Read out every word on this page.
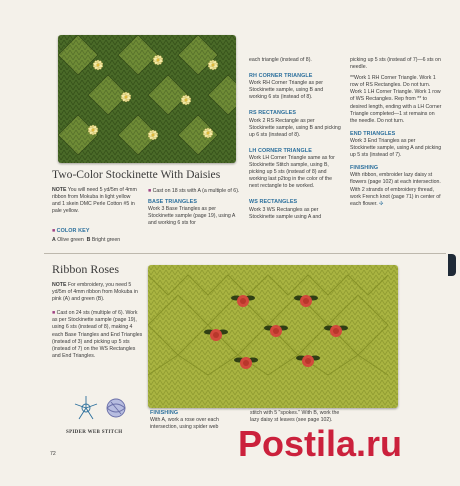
Two-Color Stockinette With Daisies

NOTE You will need 5 yd/5m of 4mm ribbon from Mokuba in light yellow and 1 skein DMC Perle Cotton #5 in pale yellow.

■ COLOR KEY

A Olive green B Bright green

■ Cast on 18 sts with A (a multiple of 6).

BASE TRIANGLES

Work 3 Base Triangles as per Stockinette sample (page 19), using A and working 6 sts for

each triangle (instead of 8).

RH CORNER TRIANGLE

Work RH Corner Triangle as per Stockinette sample, using B and working 6 sts (instead of 8).

RS RECTANGLES

Work 2 RS Rectangle as per Stockinette sample, using B and picking up 6 sts (instead of 8).

LH CORNER TRIANGLE

Work LH Corner Triangle same as for Stockinette Stitch sample, using B, picking up 5 sts (instead of 8) and working last p2tog in the color of the next rectangle to be worked.

WS RECTANGLES

Work 3 WS Rectangles as per Stockinette sample using A and

picking up 5 sts (instead of 7)—6 sts on needle.

**Work 1 RH Corner Triangle. Work 1 row of RS Rectangles. Do not turn. Work 1 LH Corner Triangle. Work 1 row of WS Rectangles. Rep from ** to desired length, ending with a LH Corner Triangle completed—1 st remains on the needle. Do not turn.

END TRIANGLES

Work 3 End Triangles as per Stockinette sample, using A and picking up 5 sts (instead of 7).

FINISHING

With ribbon, embroider lazy daisy st flowers (page 102) at each intersection. With 2 strands of embroidery thread, work French knot (page 71) in center of each flower. ✣

Ribbon Roses

NOTE For embroidery, you need 5 yd/5m of 4mm ribbon from Mokuba in pink (A) and green (B).

■ Cast on 24 sts (multiple of 6). Work as per Stockinette sample (page 19), using 6 sts (instead of 8), making 4 each Base Triangles and End Triangles (instead of 3) and picking up 5 sts (instead of 7) on the WS Rectangles and End Triangles.

SPIDER WEB STITCH
72

FINISHING

With A, work a rose over each intersection, using spider web

stitch with 5 "spokes." With B, work the lazy daisy st leaves (see page 102).

Postila.ru
